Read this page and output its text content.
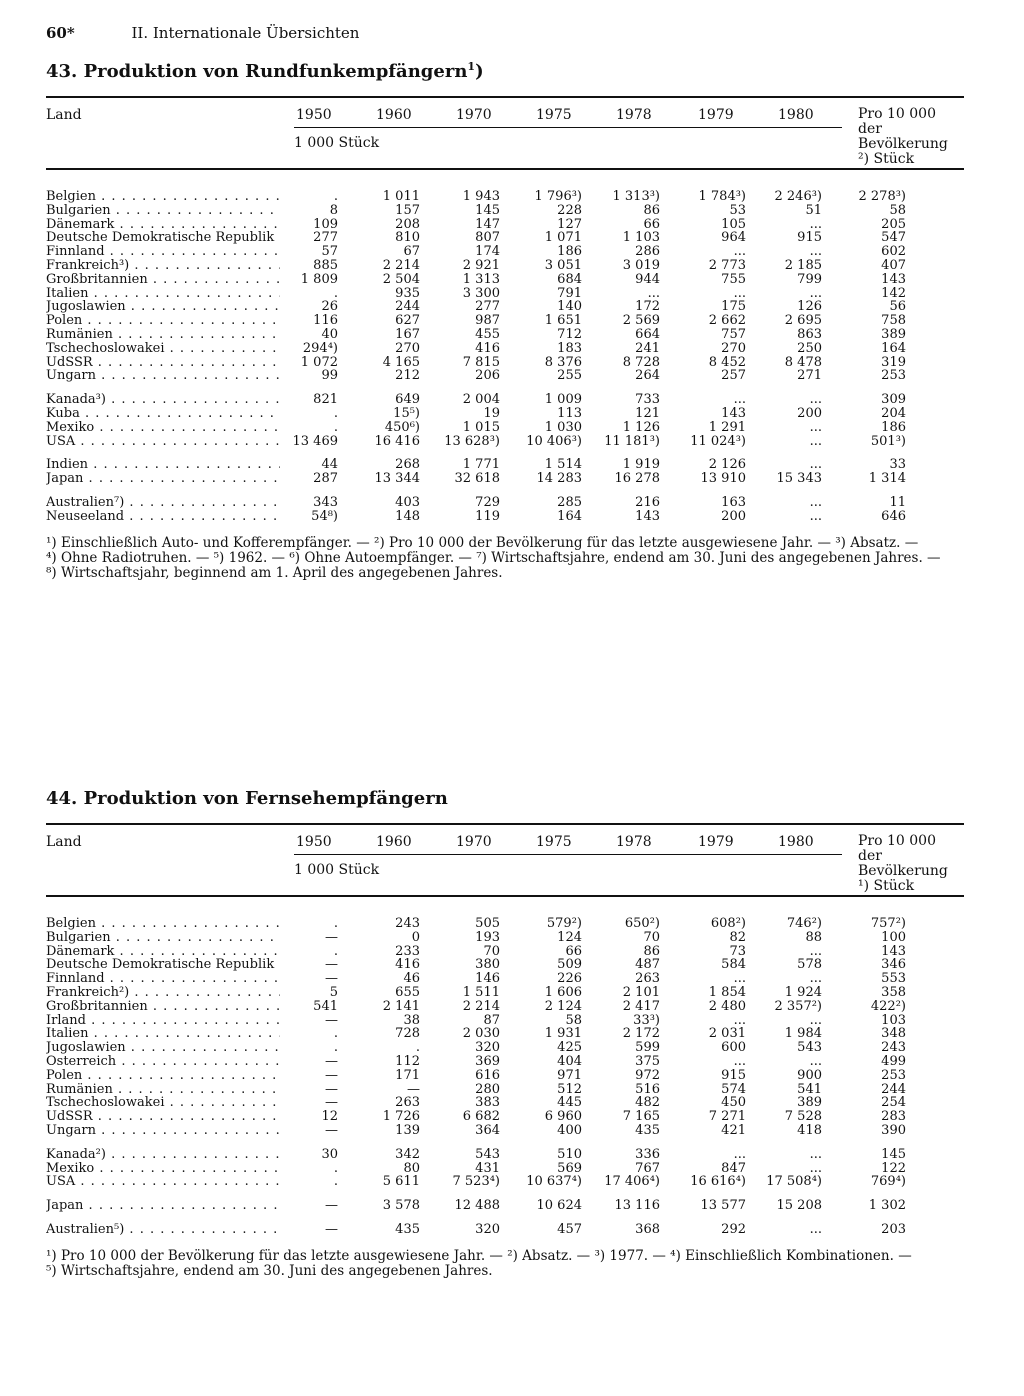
60*	II. Internationale Übersichten
43. Produktion von Rundfunkempfängern$^1$)
Land	1950	1960	1970	1975	1978	1979	1980
1 000 Stück
Pro 10 000 der Bevölkerung ²) Stück
Belgien . . .	.	1 011	1 943	1 796³)	1 313³)	1 784³)	2 246³)	2 278³)
Bulgarien . . .	8	157	145	228	86	53	51	58
Dänemark . . .	109	208	147	127	66	105	...	205
Deutsche Demokratische Republik . . .	277	810	807	1 071	1 103	964	915	547
Finnland . . .	57	67	174	186	286	...	...	602
Frankreich³) . . .	885	2 214	2 921	3 051	3 019	2 773	2 185	407
Großbritannien . . .	1 809	2 504	1 313	684	944	755	799	143
Italien . . .	.	935	3 300	791	...	...	...	142
Jugoslawien . . .	26	244	277	140	172	175	126	56
Polen . . .	116	627	987	1 651	2 569	2 662	2 695	758
Rumänien . . .	40	167	455	712	664	757	863	389
Tschechoslowakei . . .	294⁴)	270	416	183	241	270	250	164
UdSSR . . .	1 072	4 165	7 815	8 376	8 728	8 452	8 478	319
Ungarn . . .	99	212	206	255	264	257	271	253
Kanada³) . . .	821	649	2 004	1 009	733	...	...	309
Kuba . . .	.	15⁵)	19	113	121	143	200	204
Mexiko . . .	.	450⁶)	1 015	1 030	1 126	1 291	...	186
USA . . .	13 469	16 416	13 628³)	10 406³)	11 181³)	11 024³)	...	501³)
Indien . . .	44	268	1 771	1 514	1 919	2 126	...	33
Japan . . .	287	13 344	32 618	14 283	16 278	13 910	15 343	1 314
Australien⁷) . . .	343	403	729	285	216	163	...	11
Neuseeland . . .	54⁸)	148	119	164	143	200	...	646
¹) Einschließlich Auto- und Kofferempfänger. — ²) Pro 10 000 der Bevölkerung für das letzte ausgewiesene Jahr. — ³) Absatz. —
⁴) Ohne Radiotruhen. — ⁵) 1962. — ⁶) Ohne Autoempfänger. — ⁷) Wirtschaftsjahre, endend am 30. Juni des angegebenen Jahres. —
⁸) Wirtschaftsjahr, beginnend am 1. April des angegebenen Jahres.
44. Produktion von Fernsehempfängern
Land	1950	1960	1970	1975	1978	1979	1980
1 000 Stück
Pro 10 000 der Bevölkerung ¹) Stück
Belgien . . .	.	243	505	579²)	650²)	608²)	746²)	757²)
Bulgarien . . .	—	0	193	124	70	82	88	100
Dänemark . . .	.	233	70	66	86	73	...	143
Deutsche Demokratische Republik . . .	—	416	380	509	487	584	578	346
Finnland . . .	—	46	146	226	263	...	...	553
Frankreich²) . . .	5	655	1 511	1 606	2 101	1 854	1 924	358
Großbritannien . . .	541	2 141	2 214	2 124	2 417	2 480	2 357²)	422²)
Irland . . .	—	38	87	58	33³)	...	...	103
Italien . . .	.	728	2 030	1 931	2 172	2 031	1 984	348
Jugoslawien . . .	.	.	320	425	599	600	543	243
Österreich . . .	—	112	369	404	375	...	...	499
Polen . . .	—	171	616	971	972	915	900	253
Rumänien . . .	—	—	280	512	516	574	541	244
Tschechoslowakei . . .	—	263	383	445	482	450	389	254
UdSSR . . .	12	1 726	6 682	6 960	7 165	7 271	7 528	283
Ungarn . . .	—	139	364	400	435	421	418	390
Kanada²) . . .	30	342	543	510	336	...	...	145
Mexiko . . .	.	80	431	569	767	847	...	122
USA . . .	.	5 611	7 523⁴)	10 637⁴)	17 406⁴)	16 616⁴)	17 508⁴)	769⁴)
Japan . . .	—	3 578	12 488	10 624	13 116	13 577	15 208	1 302
Australien⁵) . . .	—	435	320	457	368	292	...	203
¹) Pro 10 000 der Bevölkerung für das letzte ausgewiesene Jahr. — ²) Absatz. — ³) 1977. — ⁴) Einschließlich Kombinationen. —
⁵) Wirtschaftsjahre, endend am 30. Juni des angegebenen Jahres.
